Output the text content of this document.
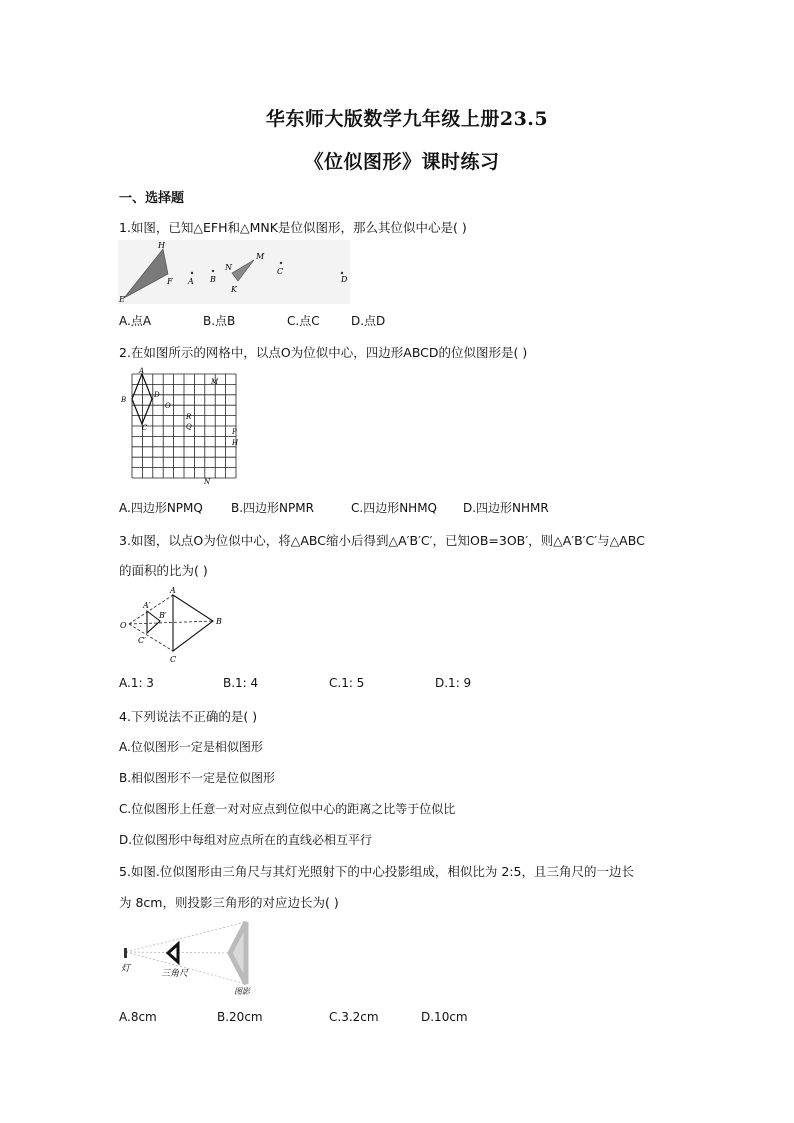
华东师大版数学九年级上册23.5
《位似图形》课时练习
一、选择题
1.如图，已知△EFH和△MNK是位似图形，那么其位似中心是( )
H
F
E
A B
N
M
K
C
D
A.点A	B.点B	C.点C	D.点D
2.在如图所示的网格中，以点O为位似中心，四边形ABCD的位似图形是( )
A
B
C
D
O
R
Q
M
P
H
N
A.四边形NPMQ B.四边形NPMR	C.四边形NHMQ D.四边形NHMR
3.如图，以点O为位似中心，将△ABC缩小后得到△A′B′C′，已知OB=3OB′，则△A′B′C′与△ABC
的面积的比为( )
O
A
B
C
A′
B′
C′
A.1: 3	B.1: 4	C.1: 5	D.1: 9
4.下列说法不正确的是( )
A.位似图形一定是相似图形
B.相似图形不一定是位似图形
C.位似图形上任意一对对应点到位似中心的距离之比等于位似比
D.位似图形中每组对应点所在的直线必相互平行
5.如图.位似图形由三角尺与其灯光照射下的中心投影组成，相似比为 2:5，且三角尺的一边长
为 8cm，则投影三角形的对应边长为( )
灯	三角尺
图影
A.8cm	B.20cm	C.3.2cm	D.10cm
